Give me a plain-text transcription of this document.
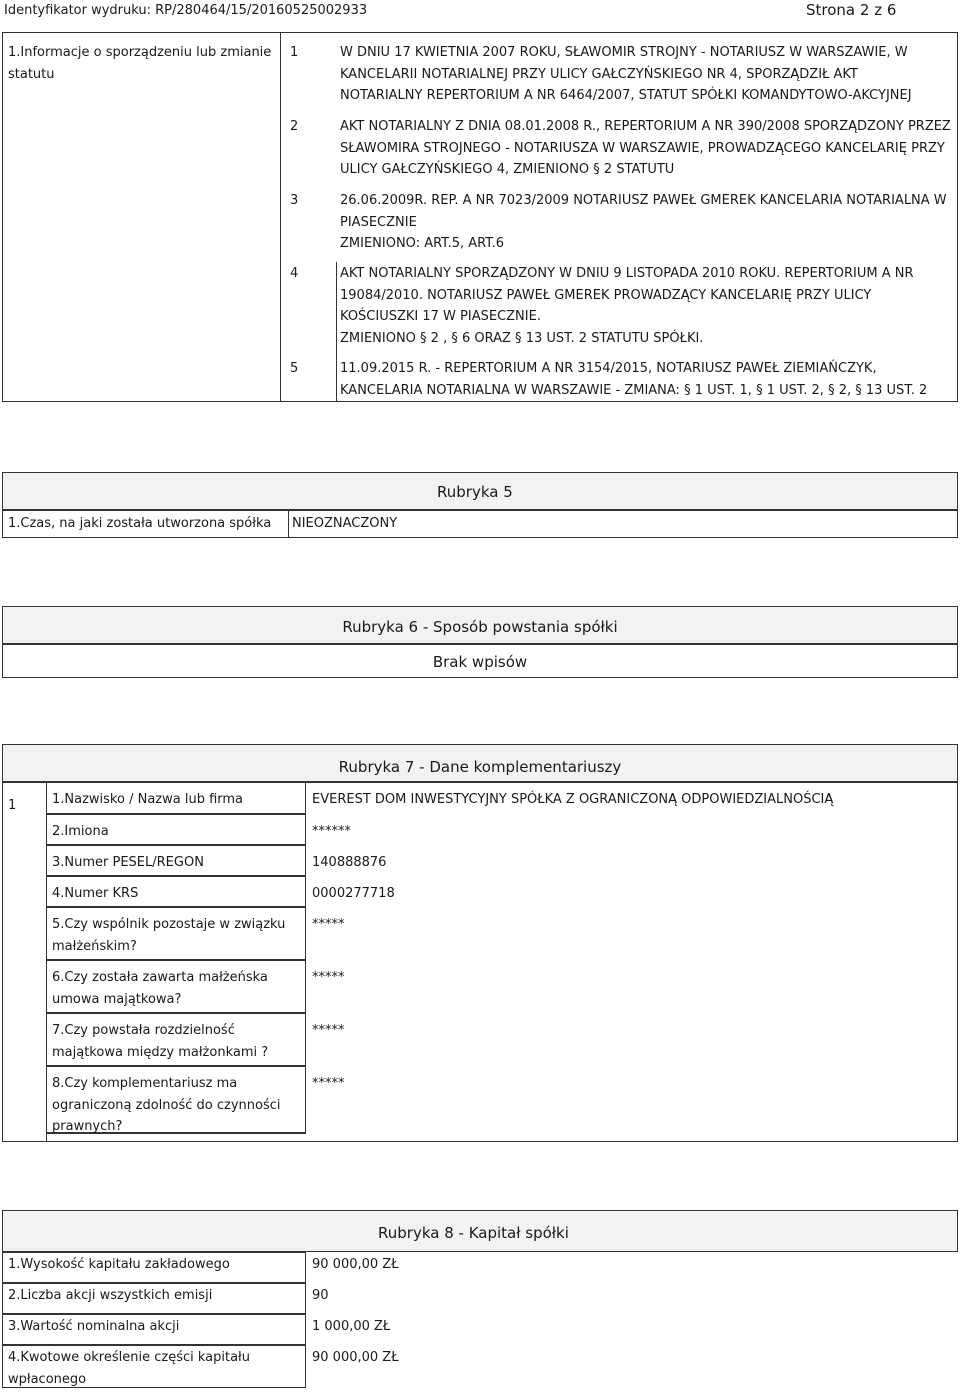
Identyfikator wydruku: RP/280464/15/20160525002933	Strona 2 z 6
1.Informacje o sporządzeniu lub zmianie
statutu
1	W DNIU 17 KWIETNIA 2007 ROKU, SŁAWOMIR STROJNY - NOTARIUSZ W WARSZAWIE, W
KANCELARII NOTARIALNEJ PRZY ULICY GAŁCZYŃSKIEGO NR 4, SPORZĄDZIŁ AKT
NOTARIALNY REPERTORIUM A NR 6464/2007, STATUT SPÓŁKI KOMANDYTOWO-AKCYJNEJ
2	AKT NOTARIALNY Z DNIA 08.01.2008 R., REPERTORIUM A NR 390/2008 SPORZĄDZONY PRZEZ
SŁAWOMIRA STROJNEGO - NOTARIUSZA W WARSZAWIE, PROWADZĄCEGO KANCELARIĘ PRZY
ULICY GAŁCZYŃSKIEGO 4, ZMIENIONO § 2 STATUTU
3	26.06.2009R. REP. A NR 7023/2009 NOTARIUSZ PAWEŁ GMEREK KANCELARIA NOTARIALNA W
PIASECZNIE
ZMIENIONO: ART.5, ART.6
4	AKT NOTARIALNY SPORZĄDZONY W DNIU 9 LISTOPADA 2010 ROKU. REPERTORIUM A NR
19084/2010. NOTARIUSZ PAWEŁ GMEREK PROWADZĄCY KANCELARIĘ PRZY ULICY
KOŚCIUSZKI 17 W PIASECZNIE.
ZMIENIONO § 2 , § 6 ORAZ § 13 UST. 2 STATUTU SPÓŁKI.
5	11.09.2015 R. - REPERTORIUM A NR 3154/2015, NOTARIUSZ PAWEŁ ZIEMIAŃCZYK,
KANCELARIA NOTARIALNA W WARSZAWIE - ZMIANA: § 1 UST. 1, § 1 UST. 2, § 2, § 13 UST. 2
Rubryka 5
1.Czas, na jaki została utworzona spółka NIEOZNACZONY
Rubryka 6 - Sposób powstania spółki
Brak wpisów
Rubryka 7 - Dane komplementariuszy
1	1.Nazwisko / Nazwa lub firma	EVEREST DOM INWESTYCYJNY SPÓŁKA Z OGRANICZONĄ ODPOWIEDZIALNOŚCIĄ
2.Imiona	******
3.Numer PESEL/REGON	140888876
4.Numer KRS	0000277718
5.Czy wspólnik pozostaje w związku
małżeńskim?
*****
6.Czy została zawarta małżeńska
umowa majątkowa?
*****
7.Czy powstała rozdzielność
majątkowa między małżonkami ?
*****
8.Czy komplementariusz ma
ograniczoną zdolność do czynności
prawnych?
*****
Rubryka 8 - Kapitał spółki
1.Wysokość kapitału zakładowego	90 000,00 ZŁ
2.Liczba akcji wszystkich emisji	90
3.Wartość nominalna akcji	1 000,00 ZŁ
4.Kwotowe określenie części kapitału
wpłaconego
90 000,00 ZŁ
